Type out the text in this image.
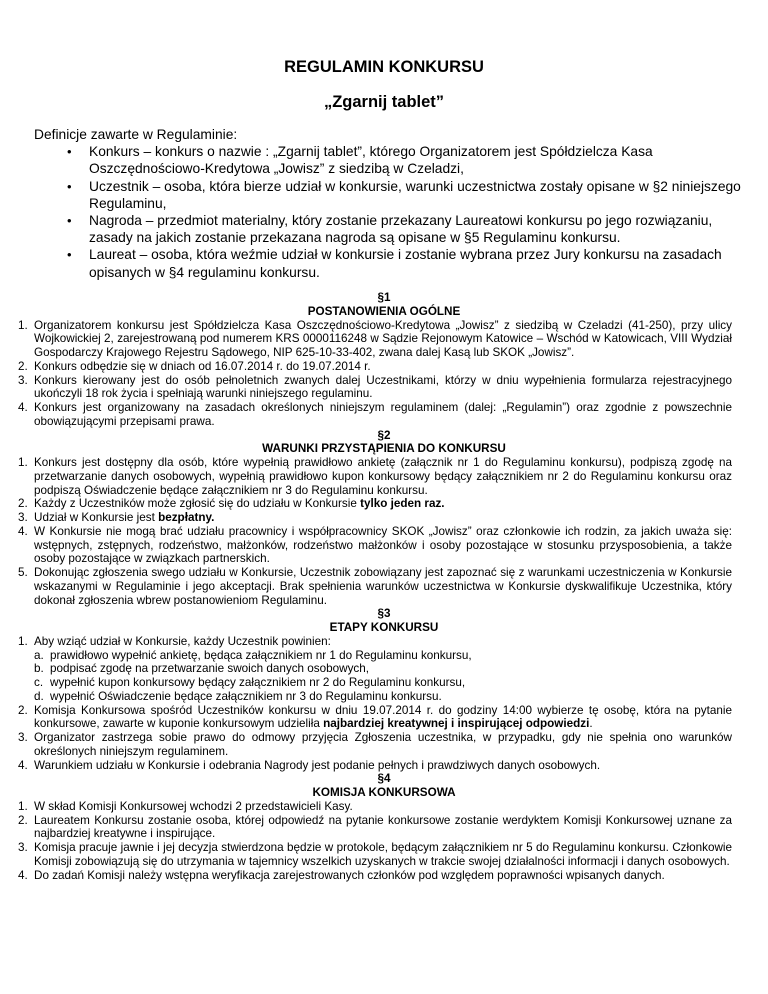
REGULAMIN KONKURSU
„Zgarnij tablet”

Definicje zawarte w Regulaminie:

• Konkurs – konkurs o nazwie : „Zgarnij tablet”, którego Organizatorem jest Spółdzielcza Kasa Oszczędnościowo-Kredytowa „Jowisz” z siedzibą w Czeladzi,
• Uczestnik – osoba, która bierze udział w konkursie, warunki uczestnictwa zostały opisane w §2 niniejszego Regulaminu,
• Nagroda – przedmiot materialny, który zostanie przekazany Laureatowi konkursu po jego rozwiązaniu, zasady na jakich zostanie przekazana nagroda są opisane w §5 Regulaminu konkursu.
• Laureat – osoba, która weźmie udział w konkursie i zostanie wybrana przez Jury konkursu na zasadach opisanych w §4 regulaminu konkursu.

§1

POSTANOWIENIA OGÓLNE

1. Organizatorem konkursu jest Spółdzielcza Kasa Oszczędnościowo-Kredytowa „Jowisz” z siedzibą w Czeladzi (41-250), przy ulicy Wojkowickiej 2, zarejestrowaną pod numerem KRS 0000116248 w Sądzie Rejonowym Katowice – Wschód w Katowicach, VIII Wydział Gospodarczy Krajowego Rejestru Sądowego, NIP 625-10-33-402, zwana dalej Kasą lub SKOK „Jowisz”.
2. Konkurs odbędzie się w dniach od 16.07.2014 r. do 19.07.2014 r.
3. Konkurs kierowany jest do osób pełnoletnich zwanych dalej Uczestnikami, którzy w dniu wypełnienia formularza rejestracyjnego ukończyli 18 rok życia i spełniają warunki niniejszego regulaminu.
4. Konkurs jest organizowany na zasadach określonych niniejszym regulaminem (dalej: „Regulamin”) oraz zgodnie z powszechnie obowiązującymi przepisami prawa.

§2

WARUNKI PRZYSTĄPIENIA DO KONKURSU

1. Konkurs jest dostępny dla osób, które wypełnią prawidłowo ankietę (załącznik nr 1 do Regulaminu konkursu), podpiszą zgodę na przetwarzanie danych osobowych, wypełnią prawidłowo kupon konkursowy będący załącznikiem nr 2 do Regulaminu konkursu oraz podpiszą Oświadczenie będące załącznikiem nr 3 do Regulaminu konkursu.
2. Każdy z Uczestników może zgłosić się do udziału w Konkursie tylko jeden raz.
3. Udział w Konkursie jest bezpłatny.
4. W Konkursie nie mogą brać udziału pracownicy i współpracownicy SKOK „Jowisz” oraz członkowie ich rodzin, za jakich uważa się: wstępnych, zstępnych, rodzeństwo, małżonków, rodzeństwo małżonków i osoby pozostające w stosunku przysposobienia, a także osoby pozostające w związkach partnerskich.
5. Dokonując zgłoszenia swego udziału w Konkursie, Uczestnik zobowiązany jest zapoznać się z warunkami uczestniczenia w Konkursie wskazanymi w Regulaminie i jego akceptacji. Brak spełnienia warunków uczestnictwa w Konkursie dyskwalifikuje Uczestnika, który dokonał zgłoszenia wbrew postanowieniom Regulaminu.

§3

ETAPY KONKURSU

1. Aby wziąć udział w Konkursie, każdy Uczestnik powinien:
a. prawidłowo wypełnić ankietę, będąca załącznikiem nr 1 do Regulaminu konkursu,
b. podpisać zgodę na przetwarzanie swoich danych osobowych,
c. wypełnić kupon konkursowy będący załącznikiem nr 2 do Regulaminu konkursu,
d. wypełnić Oświadczenie będące załącznikiem nr 3 do Regulaminu konkursu.
2. Komisja Konkursowa spośród Uczestników konkursu w dniu 19.07.2014 r. do godziny 14:00 wybierze tę osobę, która na pytanie konkursowe, zawarte w kuponie konkursowym udzieliła najbardziej kreatywnej i inspirującej odpowiedzi.
3. Organizator zastrzega sobie prawo do odmowy przyjęcia Zgłoszenia uczestnika, w przypadku, gdy nie spełnia ono warunków określonych niniejszym regulaminem.
4. Warunkiem udziału w Konkursie i odebrania Nagrody jest podanie pełnych i prawdziwych danych osobowych.

§4

KOMISJA KONKURSOWA

1. W skład Komisji Konkursowej wchodzi 2 przedstawicieli Kasy.
2. Laureatem Konkursu zostanie osoba, której odpowiedź na pytanie konkursowe zostanie werdyktem Komisji Konkursowej uznane za najbardziej kreatywne i inspirujące.
3. Komisja pracuje jawnie i jej decyzja stwierdzona będzie w protokole, będącym załącznikiem nr 5 do Regulaminu konkursu. Członkowie Komisji zobowiązują się do utrzymania w tajemnicy wszelkich uzyskanych w trakcie swojej działalności informacji i danych osobowych.
4. Do zadań Komisji należy wstępna weryfikacja zarejestrowanych członków pod względem poprawności wpisanych danych.
